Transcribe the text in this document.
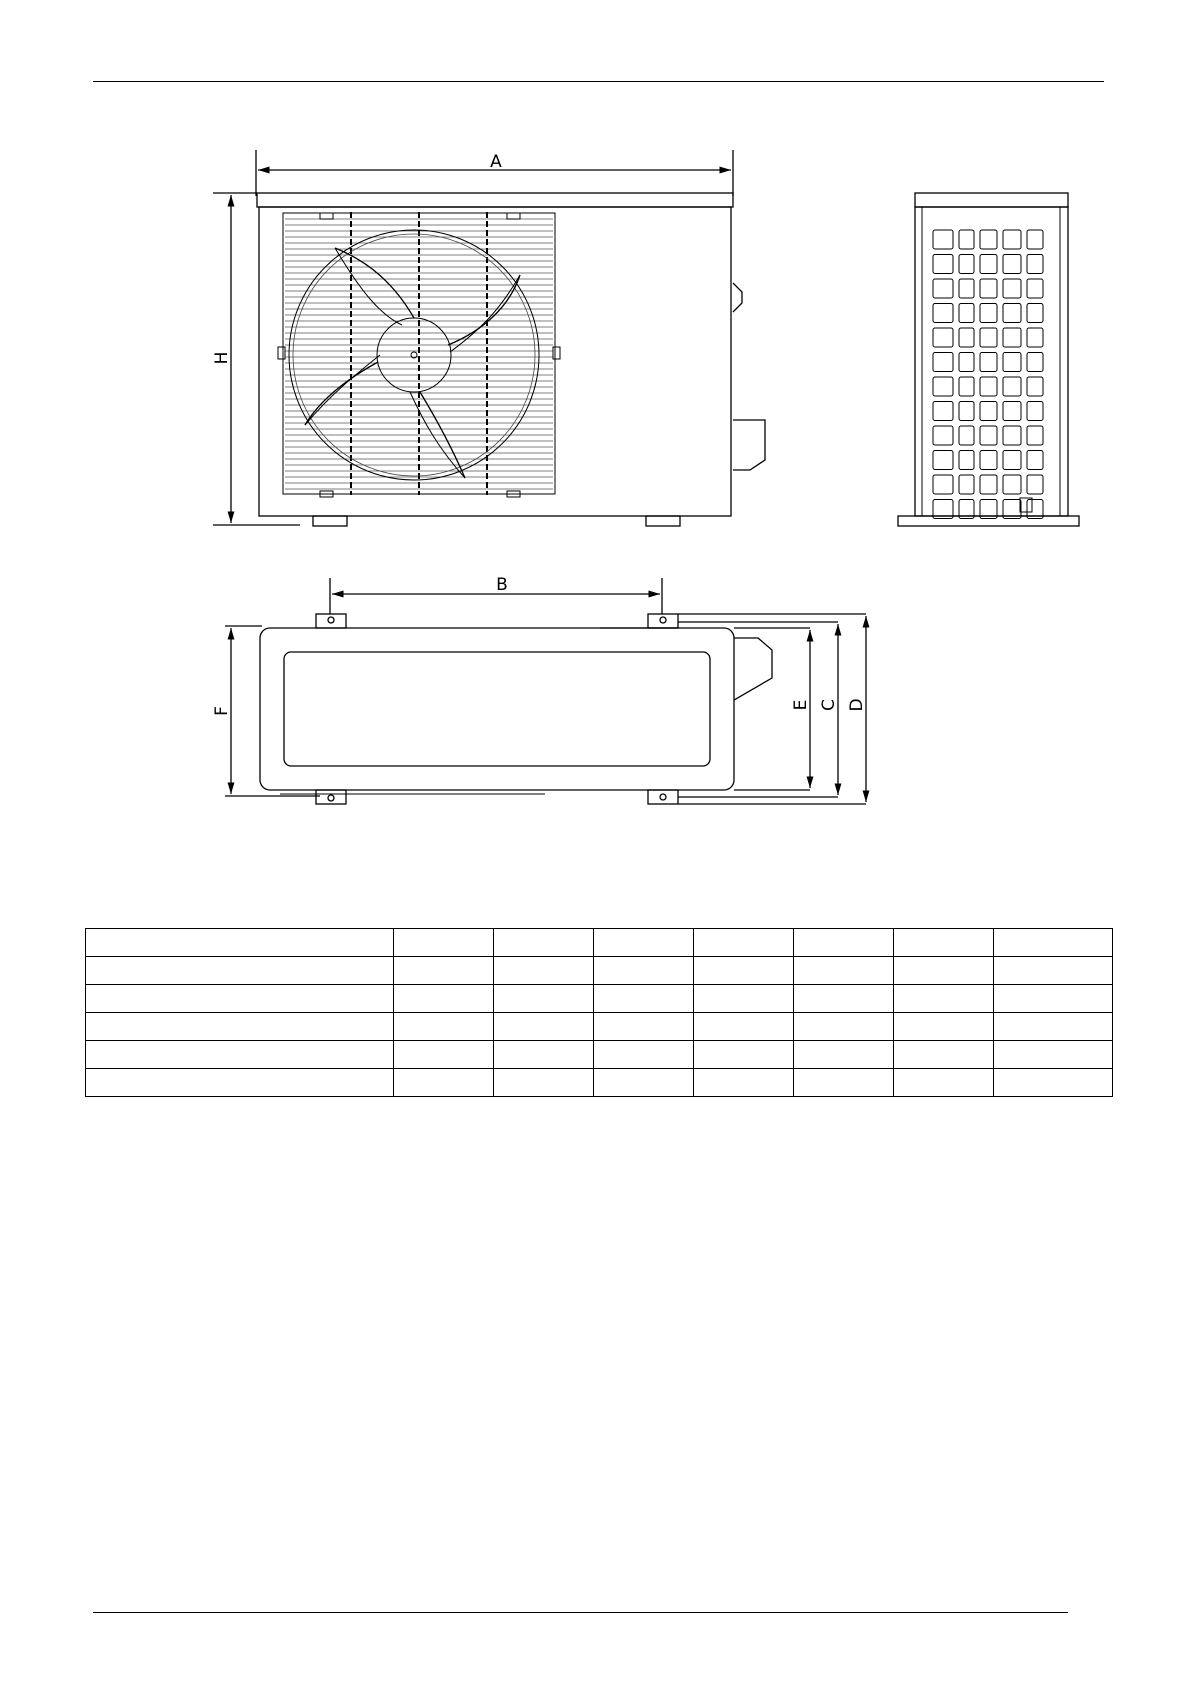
A
B
H
F
E C D
